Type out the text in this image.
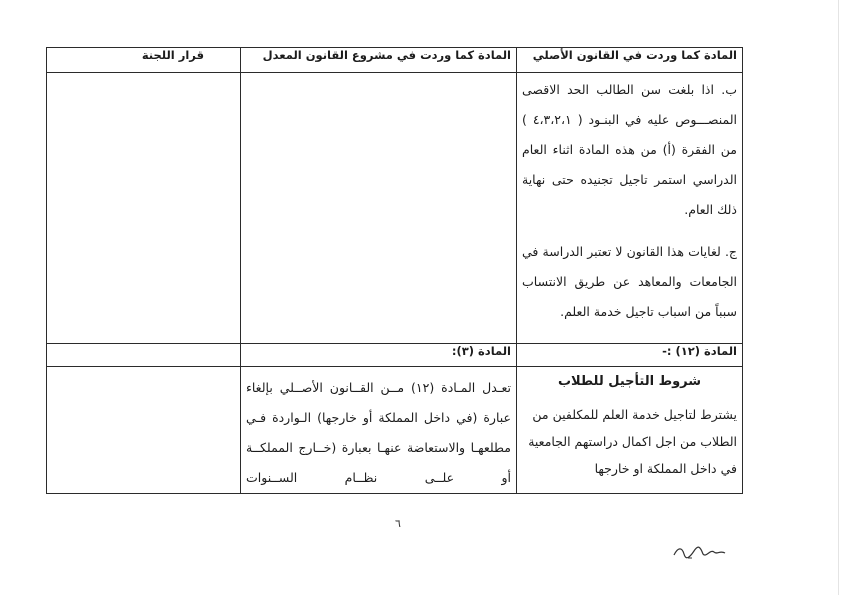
المادة كما وردت في القانون الأصلي	المادة كما وردت في مشروع القانون المعدل	قرار اللجنة

ب. اذا بلغت سن الطالب الحد الاقصى المنصـــوص عليه في البنـود ( ٤،٣،٢،١ ) من الفقرة (أ) من هذه المادة اثناء العام الدراسي استمر تاجيل تجنيده حتى نهاية ذلك العام.

ج. لغايات هذا القانون لا تعتبر الدراسة في الجامعات والمعاهد عن طريق الانتساب سبباً من اسباب تاجيل خدمة العلم.		

المادة (١٢) :-	المادة (٣):	

شروط التأجيل للطلاب

يشترط لتاجيل خدمة العلم للمكلفين من الطلاب من اجل اكمال دراستهم الجامعية في داخل المملكة او خارجها	تعـدل المـادة (١٢) مــن القــانون الأصــلي بإلغاء عبارة (في داخل المملكة أو خارجها) الـواردة فـي مطلعهـا والاستعاضة عنهـا بعبارة (خــارج المملكــة أو علــى نظــام الســنوات	

٦
